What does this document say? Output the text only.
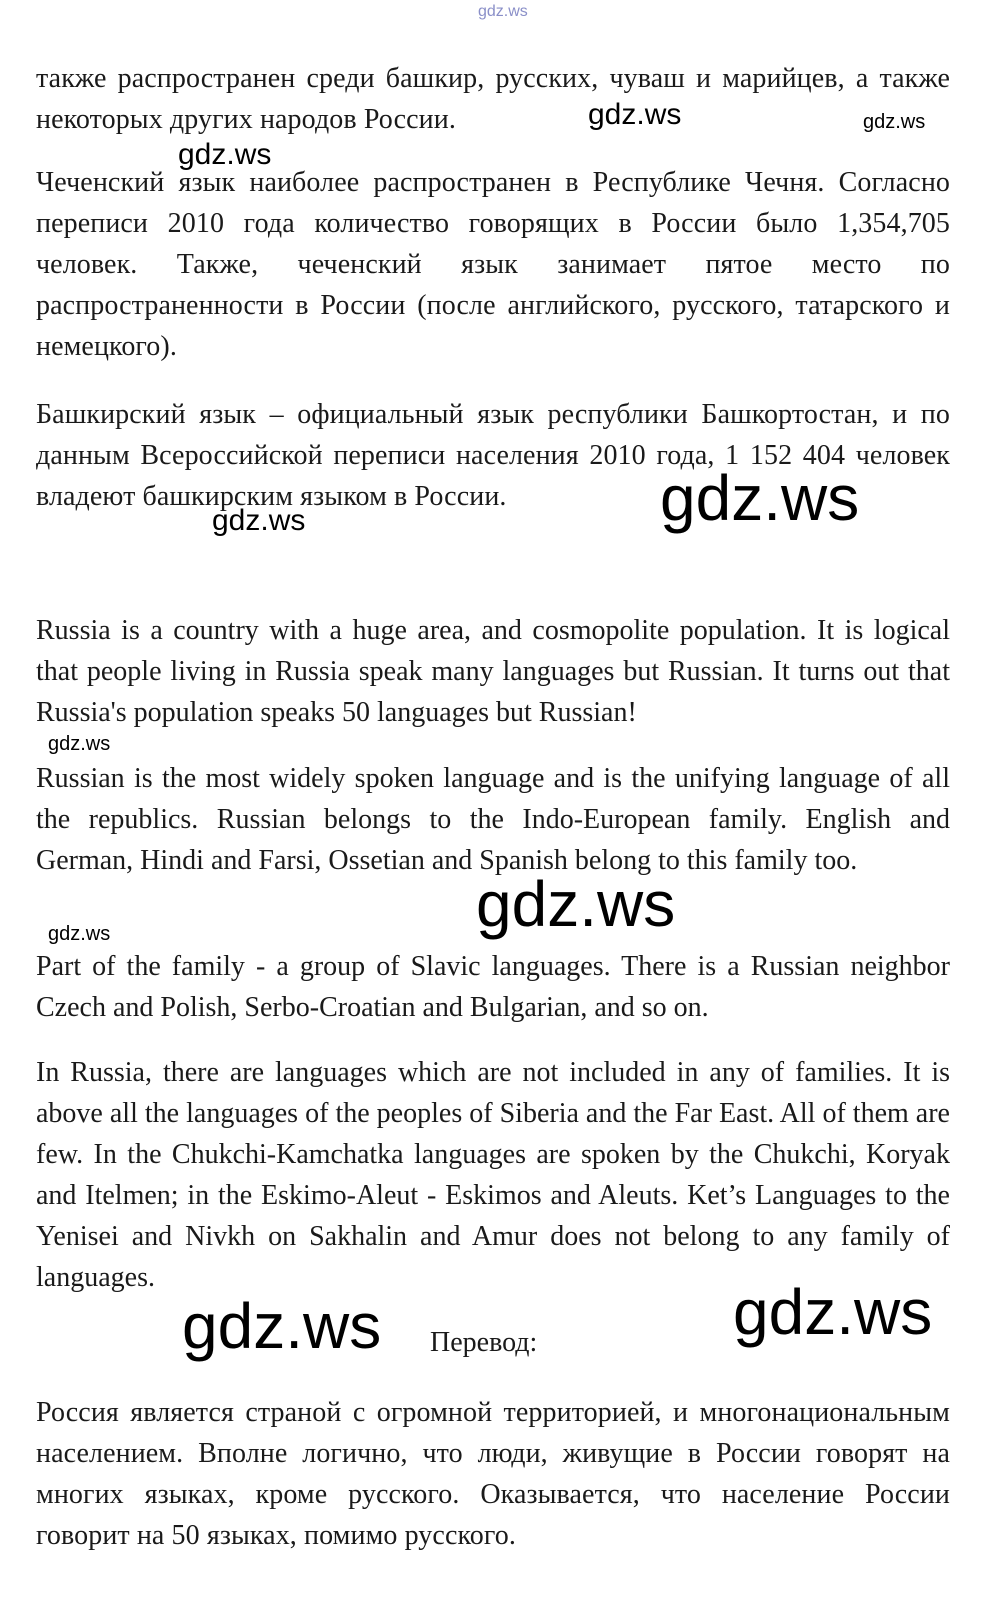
gdz.ws
gdz.ws	gdz.ws
gdz.ws
gdz.ws
gdz.ws
gdz.ws
gdz.ws
gdz.ws
gdz.ws
gdz.ws

также распространен среди башкир, русских, чуваш и марийцев, а также некоторых других народов России.

Чеченский язык наиболее распространен в Республике Чечня. Согласно переписи 2010 года количество говорящих в России было 1,354,705 человек. Также, чеченский язык занимает пятое место по распространенности в России (после английского, русского, татарского и немецкого).

Башкирский язык – официальный язык республики Башкортостан, и по данным Всероссийской переписи населения 2010 года, 1 152 404 человек владеют башкирским языком в России.

Russia is a country with a huge area, and cosmopolite population. It is logical that people living in Russia speak many languages but Russian. It turns out that Russia's population speaks 50 languages but Russian!

Russian is the most widely spoken language and is the unifying language of all the republics. Russian belongs to the Indo-European family. English and German, Hindi and Farsi, Ossetian and Spanish belong to this family too.

Part of the family - a group of Slavic languages. There is a Russian neighbor Czech and Polish, Serbo-Croatian and Bulgarian, and so on.

In Russia, there are languages which are not included in any of families. It is above all the languages of the peoples of Siberia and the Far East. All of them are few. In the Chukchi-Kamchatka languages are spoken by the Chukchi, Koryak and Itelmen; in the Eskimo-Aleut - Eskimos and Aleuts. Ket’s Languages to the Yenisei and Nivkh on Sakhalin and Amur does not belong to any family of languages.

Перевод:

Россия является страной с огромной территорией, и многонациональным населением. Вполне логично, что люди, живущие в России говорят на многих языках, кроме русского. Оказывается, что население России говорит на 50 языках, помимо русского.
